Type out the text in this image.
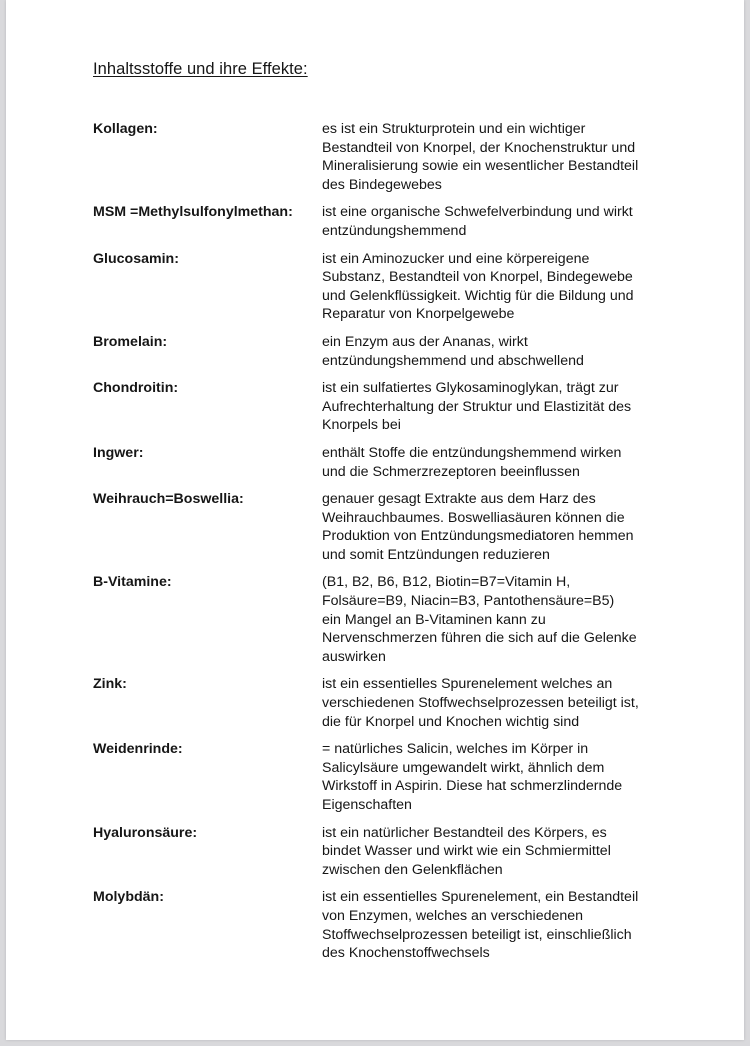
Inhaltsstoffe und ihre Effekte:
Kollagen:	es ist ein Strukturprotein und ein wichtiger
Bestandteil von Knorpel, der Knochenstruktur und
Mineralisierung sowie ein wesentlicher Bestandteil
des Bindegewebes
MSM =Methylsulfonylmethan:	ist eine organische Schwefelverbindung und wirkt
entzündungshemmend
Glucosamin:	ist ein Aminozucker und eine körpereigene
Substanz, Bestandteil von Knorpel, Bindegewebe
und Gelenkflüssigkeit. Wichtig für die Bildung und
Reparatur von Knorpelgewebe
Bromelain:	ein Enzym aus der Ananas, wirkt
entzündungshemmend und abschwellend
Chondroitin:	ist ein sulfatiertes Glykosaminoglykan, trägt zur
Aufrechterhaltung der Struktur und Elastizität des
Knorpels bei
Ingwer:	enthält Stoffe die entzündungshemmend wirken
und die Schmerzrezeptoren beeinflussen
Weihrauch=Boswellia:	genauer gesagt Extrakte aus dem Harz des
Weihrauchbaumes. Boswelliasäuren können die
Produktion von Entzündungsmediatoren hemmen
und somit Entzündungen reduzieren
B-Vitamine:	(B1, B2, B6, B12, Biotin=B7=Vitamin H,
Folsäure=B9, Niacin=B3, Pantothensäure=B5)
ein Mangel an B-Vitaminen kann zu
Nervenschmerzen führen die sich auf die Gelenke
auswirken
Zink:	ist ein essentielles Spurenelement welches an
verschiedenen Stoffwechselprozessen beteiligt ist,
die für Knorpel und Knochen wichtig sind
Weidenrinde:	= natürliches Salicin, welches im Körper in
Salicylsäure umgewandelt wirkt, ähnlich dem
Wirkstoff in Aspirin. Diese hat schmerzlindernde
Eigenschaften
Hyaluronsäure:	ist ein natürlicher Bestandteil des Körpers, es
bindet Wasser und wirkt wie ein Schmiermittel
zwischen den Gelenkflächen
Molybdän:	ist ein essentielles Spurenelement, ein Bestandteil
von Enzymen, welches an verschiedenen
Stoffwechselprozessen beteiligt ist, einschließlich
des Knochenstoffwechsels
